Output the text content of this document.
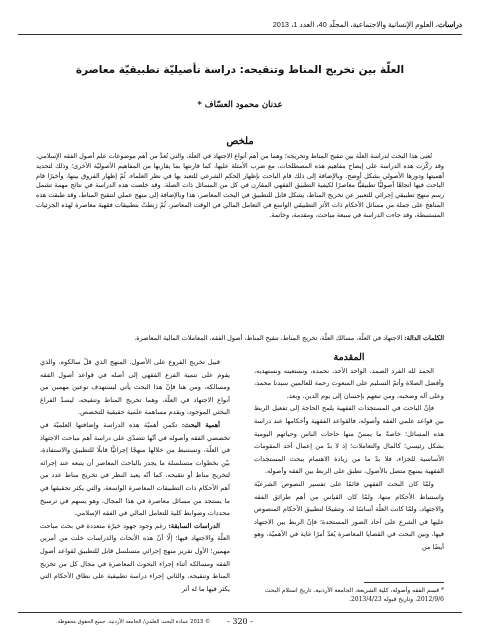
دراسات، العلوم الإنسانية والاجتماعية، المجلّد 40، العدد 1، 2013
العلّة بين تخريج المناط وتنقيحه: دراسة تأصيليّة تطبيقيّة معاصرة
عدنان محمود العسّاف *
ملخص

تُعنى هذا البحث لدراسة العلّة بين تنقيح المناط وتخريجه؛ وهما من أهم أنواع الاجتهاد في العلّة، والتي تُعدُّ من أهم موضوعات علم أصول الفقه الإسلامي. وقد ركّزت هذه الدراسة على إيضاح مفاهيم هذه المصطلحات، مع ضرب الأمثلة عليها، كما قارنتها بما يقاربها من المفاهيم الأصوليّة الأخرى؛ وذلك لتحديد أهميتها ودورها الأصولي بشكل أوضح. وبالإضافة إلى ذلك قام الباحث بإظهار الحكم الشرعي للتعبد بها في نظر العلماء، ثُمّ إظهار الفروق بينها، وأخيرًا قام الباحث فيها اتجاهًا أصوليًّا تطبيقيًّا معاصرًا لكيفية التطبيق الفقهي المقارن في كل من المسائل ذات الصلة. وقد خلصت هذه الدراسة في نتائج مهمة تشمل رسم منهج تطبيقي إجرائي للتعبير عن تخريج المناط، يشكل قابل للتطبيق في البحث المعاصر، هذا وبالإضافة إلى منهج عملي لتنقيح المناط، وقد طبقت هذه المناهج على جملة من مسائل الأحكام ذات الأثر التطبيقي الواسع في التعامل المالي في الوقت المعاصر، ثُمّ رَبطتُ بتطبيقات فقهية معاصرة لهذه الجزئيات المستنبطة، وقد جاءت الدراسة في سبعة مباحث، ومقدمة، وخاتمة.

الكلمات الدالة: الاجتهاد في العلّة، مسالك العلّة، تخريج المناط، تنقيح المناط، أصول الفقه، المعاملات المالية المعاصرة.

المقدمة

الحمد لله الفرد الصمد، الواحد الأحد، نحمده، ونستعينه ونستهديه، وأفضل الصلاة وأتمّ التسليم على المبعوث رحمة للعالمين سيدنا محمد، وعلى آله وصحبه، ومن تبعهم بإحسان إلى يوم الدين، وبعد،

فإنّ الباحث في المستجدات الفقهية يلمح الحاجة إلى تفعيل الربط بين قواعد علمي الفقه وأصوله، فالقواعد الفقهية وأحكامها عند دراسة هذه المسائل؛ خاصةً ما يمسّ منها حاجات الناس وحياتهم اليومية بشكل رئيسي؛ كالمال والتعاملات؛ إذ لا بدّ من إعمال أحد المقومات الأساسية للجزاء، فلا بدّ ما من زيادة الاهتمام ببحث المستجدات الفقهية بمنهج متصل بالأصول، تطبق على الربط بين الفقه وأصوله.

ولمّا كان البحث الفقهي قائمًا على تفسير النصوص الشرعيّة واستنباط الأحكام منها، ولمّا كان القياس من أهم طرائق الفقه والاجتهاد، ولمّا كانت العلّة أساسًا له، وتنقيحًا لتطبيق الأحكام المنصوص عليها في الشرع على آحاد الصور المستجدة؛ فإنّ الربط بين الاجتهاد فيها، وبين البحث في القضايا المعاصرة يُعدّ أمرًا غاية في الأهميّة، وهو أيضًا من

قبيل تخريج الفروع على الأصول، المنهج الذي قلّ سالكوه، والذي يقوم على تنمية الفرع الفقهي إلى أصله في قواعد أصول الفقه ومسالكه، ومن هنا فإنّ هذا البحث يأتي ليستهدف نوعين مهمين من أنواع الاجتهاد في العلّة، وهما تخريج المناط وتنقيحه، ليسدّ الفراغ البحثي الموجود، ويقدم مساهمة علمية حقيقية للتخصص.

أهمية البحث: تكمن أهميّة هذه الدراسة وإضافتها العلميّة في تخصصي الفقه وأصوله في أنّها تتصدّى على دراسة أهم مباحث الاجتهاد في العلّة، وتستنبط من خلالها منهجًا إجرائيًّا قابلًا للتطبيق والاستفادة، بيّن بخطوات متسلسلة ما يجدر بالباحث المعاصر أن يتبعه عند إجرائه لتخريج مناط أو تنقيحه، كما أنّه يعيد النظر في تخريج مناط عدد من أهم الأحكام ذات التطبيقات المعاصرة الواسعة، والتي يكثر تحقيقها في ما يستجد من مسائل معاصرة في هذا المجال، وهو يسهم في ترسيخ محددات وضوابط كلية للتعامل المالي في الفقه الإسلامي.

الدراسات السابقة: رغم وجود جهود خيرّة متعددة في بحث مباحث العلّة والاجتهاد فيها؛ إلّا أنّ هذه الأبحاث والدراسات خلت من أمرين مهمين؛ الأول تقرير منهج إجرائي متسلسل قابل للتطبيق لقواعد أصول الفقه ومسالكه أثناء إجراء البحوث المعاصرة في مجال كل من تخريج المناط وتنقيحه، والثاني إجراء دراسة تطبيقية على نطاق الأحكام التي يكثر فيها ما له أثر	* قسم الفقه وأصوله، كلية الشريعة، الجامعة الأردنية. تاريخ استلام البحث 2012/9/6، وتاريخ قبوله 2013/4/23.
- 320 -
© 2013 عمادة البحث العلمي/ الجامعة الأردنية. جميع الحقوق محفوظة.
